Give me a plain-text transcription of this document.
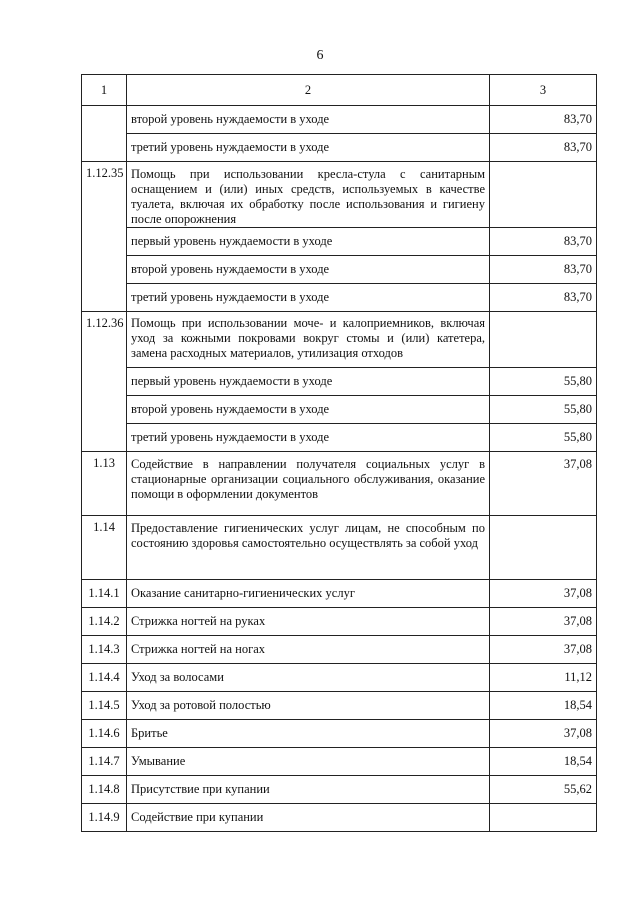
6
1	2	3
	второй уровень нуждаемости в уходе	83,70
	третий уровень нуждаемости в уходе	83,70
1.12.35	Помощь при использовании кресла-стула с санитарным оснащением и (или) иных средств, используемых в качестве туалета, включая их обработку после использования и гигиену после опорожнения	
	первый уровень нуждаемости в уходе	83,70
	второй уровень нуждаемости в уходе	83,70
	третий уровень нуждаемости в уходе	83,70
1.12.36	Помощь при использовании моче- и калоприемников, включая уход за кожными покровами вокруг стомы и (или) катетера, замена расходных материалов, утилизация отходов	
	первый уровень нуждаемости в уходе	55,80
	второй уровень нуждаемости в уходе	55,80
	третий уровень нуждаемости в уходе	55,80
1.13	Содействие в направлении получателя социальных услуг в стационарные организации социального обслуживания, оказание помощи в оформлении документов	37,08
1.14	Предоставление гигиенических услуг лицам, не способным по состоянию здоровья самостоятельно осуществлять за собой уход	
1.14.1	Оказание санитарно-гигиенических услуг	37,08
1.14.2	Стрижка ногтей на руках	37,08
1.14.3	Стрижка ногтей на ногах	37,08
1.14.4	Уход за волосами	11,12
1.14.5	Уход за ротовой полостью	18,54
1.14.6	Бритье	37,08
1.14.7	Умывание	18,54
1.14.8	Присутствие при купании	55,62
1.14.9	Содействие при купании	
